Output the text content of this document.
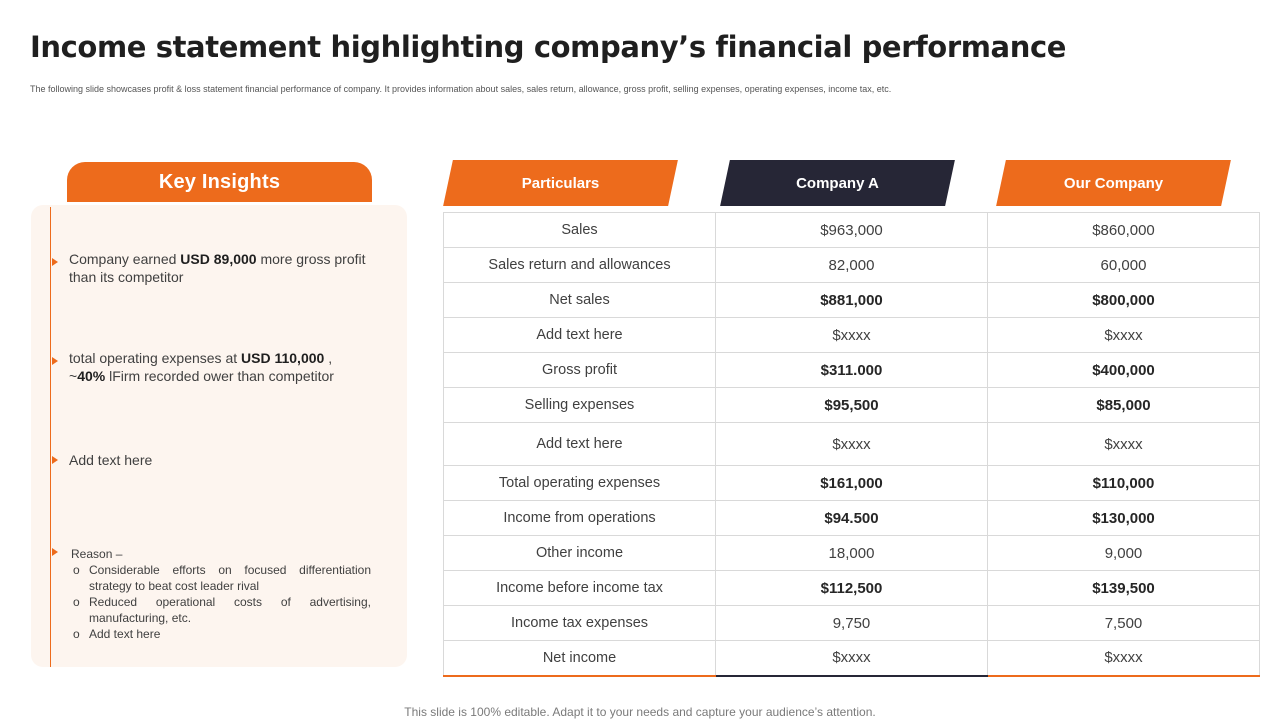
Income statement highlighting company’s financial performance
The following slide showcases profit & loss statement financial performance of company. It provides information about sales, sales return, allowance, gross profit, selling expenses, operating expenses, income tax, etc.
Key Insights
Company earned USD 89,000 more gross profit than its competitor
total operating expenses at USD 110,000 , ~40% lFirm recorded ower than competitor
Add text here
Reason –
o Considerable efforts on focused differentiation strategy to beat cost leader rival
o Reduced operational costs of advertising, manufacturing, etc.
o Add text here
Particulars	Company A	Our Company
Sales	$963,000	$860,000
Sales return and allowances	82,000	60,000
Net sales	$881,000	$800,000
Add text here	$xxxx	$xxxx
Gross profit	$311.000	$400,000
Selling expenses	$95,500	$85,000
Add text here	$xxxx	$xxxx
Total operating expenses	$161,000	$110,000
Income from operations	$94.500	$130,000
Other income	18,000	9,000
Income before income tax	$112,500	$139,500
Income tax expenses	9,750	7,500
Net income	$xxxx	$xxxx
This slide is 100% editable. Adapt it to your needs and capture your audience’s attention.
